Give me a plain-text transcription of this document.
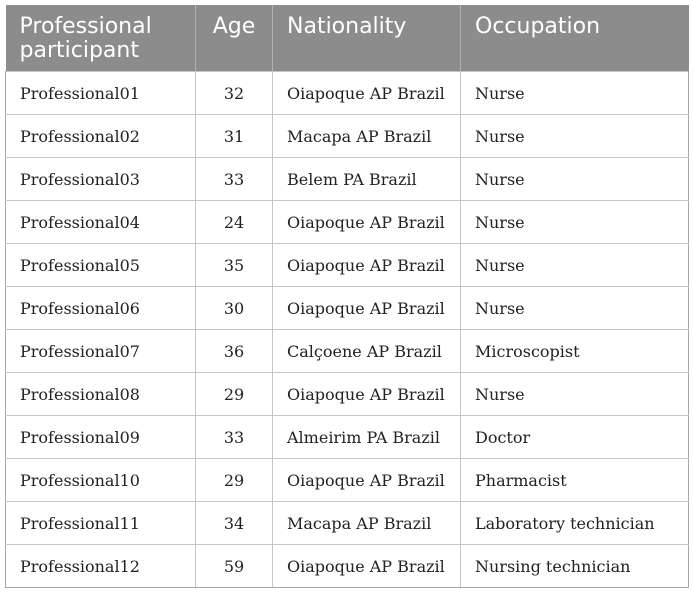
Professional participant	Age	Nationality	Occupation
Professional01	32	Oiapoque AP Brazil	Nurse
Professional02	31	Macapa AP Brazil	Nurse
Professional03	33	Belem PA Brazil	Nurse
Professional04	24	Oiapoque AP Brazil	Nurse
Professional05	35	Oiapoque AP Brazil	Nurse
Professional06	30	Oiapoque AP Brazil	Nurse
Professional07	36	Calçoene AP Brazil	Microscopist
Professional08	29	Oiapoque AP Brazil	Nurse
Professional09	33	Almeirim PA Brazil	Doctor
Professional10	29	Oiapoque AP Brazil	Pharmacist
Professional11	34	Macapa AP Brazil	Laboratory technician
Professional12	59	Oiapoque AP Brazil	Nursing technician
